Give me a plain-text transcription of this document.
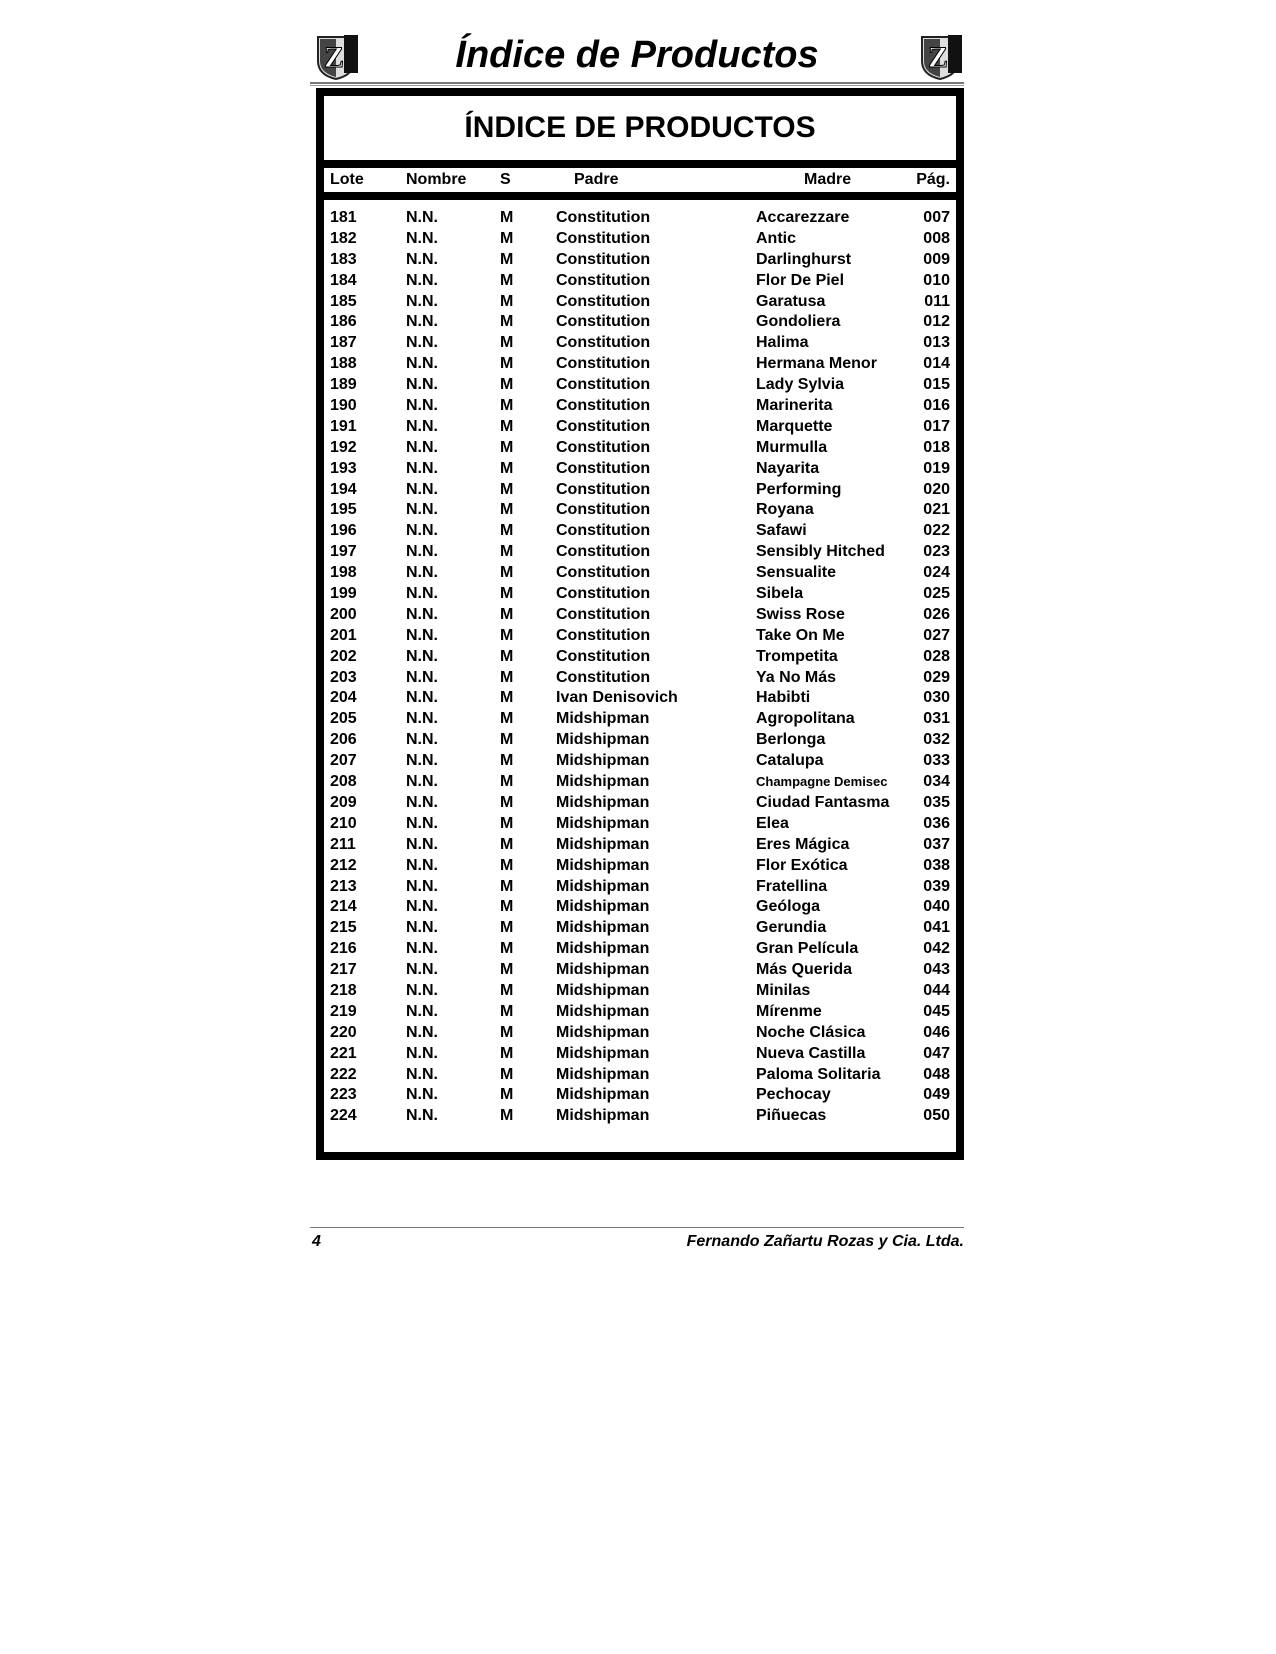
Z	Índice de Productos	Z
ÍNDICE DE PRODUCTOS
Lote	Nombre S	Padre	Madre	Pág.
181	N.N.	M	Constitution	Accarezzare	007
182	N.N.	M	Constitution	Antic	008
183	N.N.	M	Constitution	Darlinghurst	009
184	N.N.	M	Constitution	Flor De Piel	010
185	N.N.	M	Constitution	Garatusa	011
186	N.N.	M	Constitution	Gondoliera	012
187	N.N.	M	Constitution	Halima	013
188	N.N.	M	Constitution	Hermana Menor	014
189	N.N.	M	Constitution	Lady Sylvia	015
190	N.N.	M	Constitution	Marinerita	016
191	N.N.	M	Constitution	Marquette	017
192	N.N.	M	Constitution	Murmulla	018
193	N.N.	M	Constitution	Nayarita	019
194	N.N.	M	Constitution	Performing	020
195	N.N.	M	Constitution	Royana	021
196	N.N.	M	Constitution	Safawi	022
197	N.N.	M	Constitution	Sensibly Hitched 023
198	N.N.	M	Constitution	Sensualite	024
199	N.N.	M	Constitution	Sibela	025
200	N.N.	M	Constitution	Swiss Rose	026
201	N.N.	M	Constitution	Take On Me	027
202	N.N.	M	Constitution	Trompetita	028
203	N.N.	M	Constitution	Ya No Más	029
204	N.N.	M	Ivan Denisovich	Habibti	030
205	N.N.	M	Midshipman	Agropolitana	031
206	N.N.	M	Midshipman	Berlonga	032
207	N.N.	M	Midshipman	Catalupa	033
208	N.N.	M	Midshipman	Champagne Demisec 034
209	N.N.	M	Midshipman	Ciudad Fantasma 035
210	N.N.	M	Midshipman	Elea	036
211	N.N.	M	Midshipman	Eres Mágica	037
212	N.N.	M	Midshipman	Flor Exótica	038
213	N.N.	M	Midshipman	Fratellina	039
214	N.N.	M	Midshipman	Geóloga	040
215	N.N.	M	Midshipman	Gerundia	041
216	N.N.	M	Midshipman	Gran Película	042
217	N.N.	M	Midshipman	Más Querida	043
218	N.N.	M	Midshipman	Minilas	044
219	N.N.	M	Midshipman	Mírenme	045
220	N.N.	M	Midshipman	Noche Clásica	046
221	N.N.	M	Midshipman	Nueva Castilla	047
222	N.N.	M	Midshipman	Paloma Solitaria	048
223	N.N.	M	Midshipman	Pechocay	049
224	N.N.	M	Midshipman	Piñuecas	050
4	Fernando Zañartu Rozas y Cia. Ltda.
